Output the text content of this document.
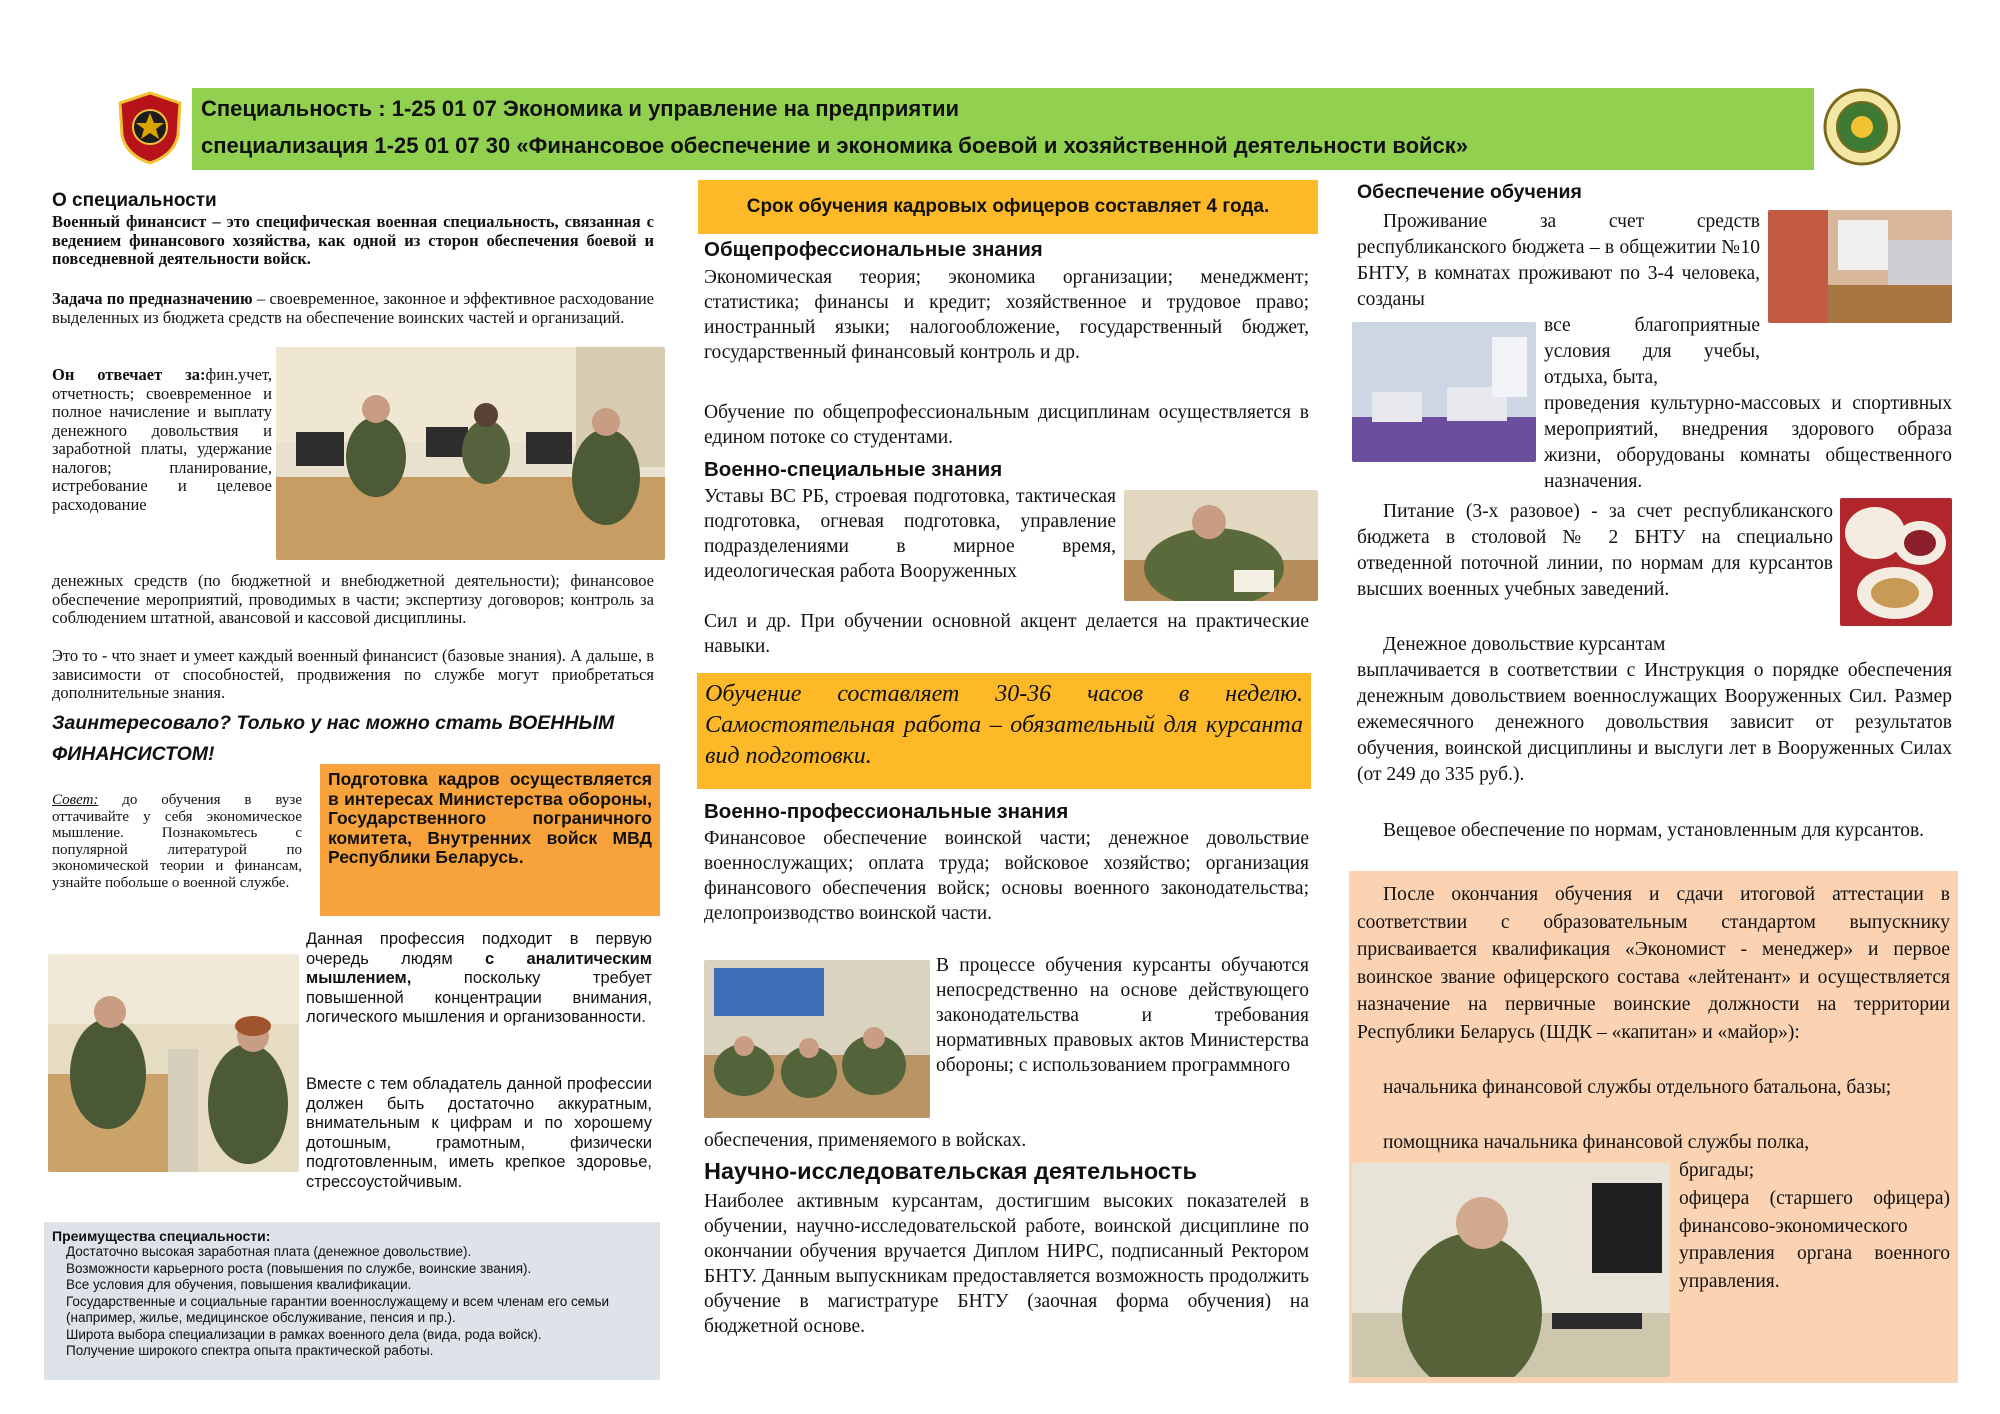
Специальность : 1-25 01 07 Экономика и управление на предприятии
специализация 1-25 01 07 30 «Финансовое обеспечение и экономика боевой и хозяйственной деятельности войск»
О специальности

Военный финансист – это специфическая военная специальность, связанная с ведением финансового хозяйства, как одной из сторон обеспечения боевой и повседневной деятельности войск.

Задача по предназначению – своевременное, законное и эффективное расходование выделенных из бюджета средств на обеспечение воинских частей и организаций.

Он отвечает за:фин.учет, отчетность; своевременное и полное начисление и выплату денежного довольствия и заработной платы, удержание налогов; планирование, истребование и целевое расходование

денежных средств (по бюджетной и внебюджетной деятельности); финансовое обеспечение мероприятий, проводимых в части; экспертизу договоров; контроль за соблюдением штатной, авансовой и кассовой дисциплины.

Это то - что знает и умеет каждый военный финансист (базовые знания). А дальше, в зависимости от способностей, продвижения по службе могут приобретаться дополнительные знания.

Заинтересовало? Только у нас можно стать ВОЕННЫМ ФИНАНСИСТОМ!

Совет: до обучения в вузе оттачивайте у себя экономическое мышление. Познакомьтесь с популярной литературой по экономической теории и финансам, узнайте побольше о военной службе.

Подготовка кадров осуществляется в интересах Министерства обороны, Государственного пограничного комитета, Внутренних войск МВД Республики Беларусь.

Данная профессия подходит в первую очередь людям с аналитическим мышлением, поскольку требует повышенной концентрации внимания, логического мышления и организованности.

Вместе с тем обладатель данной профессии должен быть достаточно аккуратным, внимательным к цифрам и по хорошему дотошным, грамотным, физически подготовленным, иметь крепкое здоровье, стрессоустойчивым.

Преимущества специальности:
Достаточно высокая заработная плата (денежное довольствие).
Возможности карьерного роста (повышения по службе, воинские звания).
Все условия для обучения, повышения квалификации.
Государственные и социальные гарантии военнослужащему и всем членам его семьи (например, жилье, медицинское обслуживание, пенсия и пр.).
Широта выбора специализации в рамках военного дела (вида, рода войск).
Получение широкого спектра опыта практической работы.
Срок обучения кадровых офицеров составляет 4 года.
Общепрофессиональные знания

Экономическая теория; экономика организации; менеджмент; статистика; финансы и кредит; хозяйственное и трудовое право; иностранный языки; налогообложение, государственный бюджет, государственный финансовый контроль и др.

Обучение по общепрофессиональным дисциплинам осуществляется в едином потоке со студентами.

Военно-специальные знания

Уставы ВС РБ, строевая подготовка, тактическая подготовка, огневая подготовка, управление подразделениями в мирное время, идеологическая работа Вооруженных

Сил и др. При обучении основной акцент делается на практические навыки.

Обучение составляет 30-36 часов в неделю. Самостоятельная работа – обязательный для курсанта вид подготовки.

Военно-профессиональные знания

Финансовое обеспечение воинской части; денежное довольствие военнослужащих; оплата труда; войсковое хозяйство; организация финансового обеспечения войск; основы военного законодательства; делопроизводство воинской части.

В процессе обучения курсанты обучаются непосредственно на основе действующего законодательства и требования нормативных правовых актов Министерства обороны; с использованием программного

обеспечения, применяемого в войсках.

Научно-исследовательская деятельность

Наиболее активным курсантам, достигшим высоких показателей в обучении, научно-исследовательской работе, воинской дисциплине по окончании обучения вручается Диплом НИРС, подписанный Ректором БНТУ. Данным выпускникам предоставляется возможность продолжить обучение в магистратуре БНТУ (заочная форма обучения) на бюджетной основе.

Обеспечение обучения

Проживание за счет средств республиканского бюджета – в общежитии №10 БНТУ, в комнатах проживают по 3-4 человека, созданы

все благоприятные условия для учебы, отдыха, быта,

проведения культурно-массовых и спортивных мероприятий, внедрения здорового образа жизни, оборудованы комнаты общественного назначения.

Питание (3-х разовое) - за счет республиканского бюджета в столовой № 2 БНТУ на специально отведенной поточной линии, по нормам для курсантов высших военных учебных заведений.

Денежное довольствие курсантам

выплачивается в соответствии с Инструкция о порядке обеспечения денежным довольствием военнослужащих Вооруженных Сил. Размер ежемесячного денежного довольствия зависит от результатов обучения, воинской дисциплины и выслуги лет в Вооруженных Силах (от 249 до 335 руб.).

Вещевое обеспечение по нормам, установленным для курсантов.

После окончания обучения и сдачи итоговой аттестации в соответствии с образовательным стандартом выпускнику присваивается квалификация «Экономист - менеджер» и первое воинское звание офицерского состава «лейтенант» и осуществляется назначение на первичные воинские должности на территории Республики Беларусь (ШДК – «капитан» и «майор»):

начальника финансовой службы отдельного батальона, базы;

помощника начальника финансовой службы полка,

бригады;

офицера (старшего офицера) финансово-экономического управления органа военного управления.
